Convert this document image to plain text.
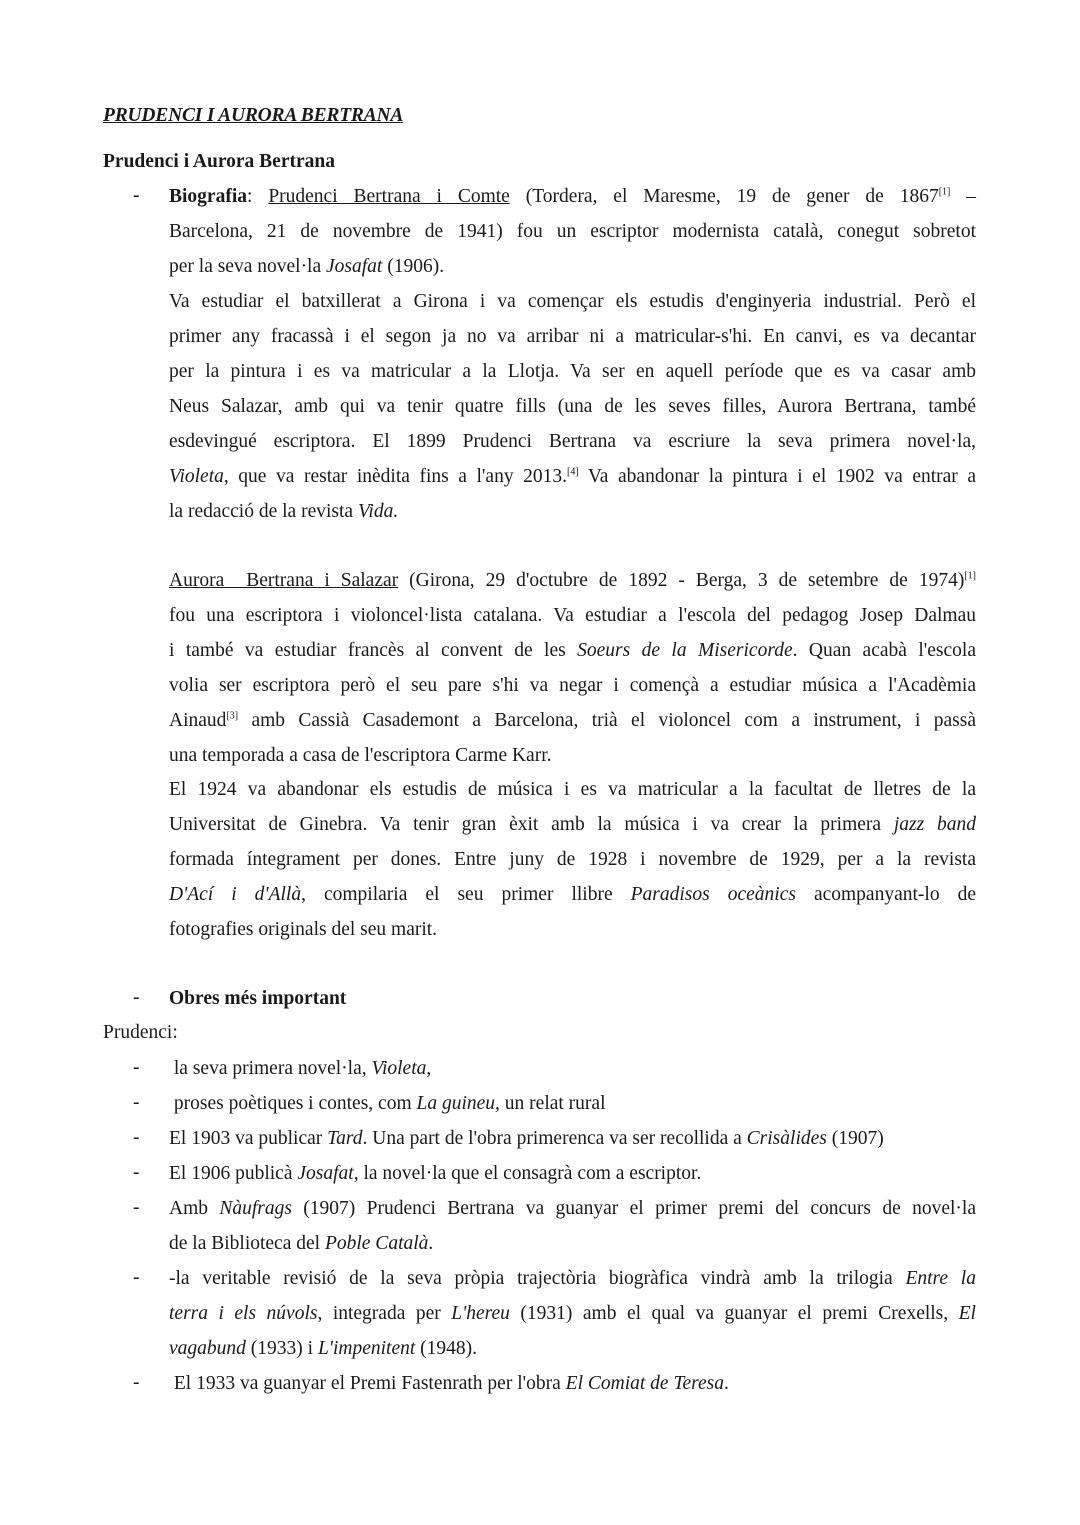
PRUDENCI I AURORA BERTRANA
Prudenci i Aurora Bertrana
- Biografia: Prudenci Bertrana i Comte (Tordera, el Maresme, 19 de gener de 1867[1] –
Barcelona, 21 de novembre de 1941) fou un escriptor modernista català, conegut sobretot
per la seva novel·la Josafat (1906).
Va estudiar el batxillerat a Girona i va començar els estudis d'enginyeria industrial. Però el
primer any fracassà i el segon ja no va arribar ni a matricular-s'hi. En canvi, es va decantar
per la pintura i es va matricular a la Llotja. Va ser en aquell període que es va casar amb
Neus Salazar, amb qui va tenir quatre fills (una de les seves filles, Aurora Bertrana, també
esdevingué escriptora. El 1899 Prudenci Bertrana va escriure la seva primera novel·la,
Violeta, que va restar inèdita fins a l'any 2013.[4] Va abandonar la pintura i el 1902 va entrar a
la redacció de la revista Vida.
Aurora  Bertrana i Salazar (Girona, 29 d'octubre de 1892 - Berga, 3 de setembre de 1974)[1]
fou una escriptora i violoncel·lista catalana. Va estudiar a l'escola del pedagog Josep Dalmau
i també va estudiar francès al convent de les Soeurs de la Misericorde. Quan acabà l'escola
volia ser escriptora però el seu pare s'hi va negar i començà a estudiar música a l'Acadèmia
Ainaud[3] amb Cassià Casademont a Barcelona, trià el violoncel com a instrument, i passà
una temporada a casa de l'escriptora Carme Karr.
El 1924 va abandonar els estudis de música i es va matricular a la facultat de lletres de la
Universitat de Ginebra. Va tenir gran èxit amb la música i va crear la primera jazz band
formada íntegrament per dones. Entre juny de 1928 i novembre de 1929, per a la revista
D'Ací i d'Allà, compilaria el seu primer llibre Paradisos oceànics acompanyant-lo de
fotografies originals del seu marit.
- Obres més important
Prudenci:
- la seva primera novel·la, Violeta,
- proses poètiques i contes, com La guineu, un relat rural
- El 1903 va publicar Tard. Una part de l'obra primerenca va ser recollida a Crisàlides (1907)
- El 1906 publicà Josafat, la novel·la que el consagrà com a escriptor.
- Amb Nàufrags (1907) Prudenci Bertrana va guanyar el primer premi del concurs de novel·la
de la Biblioteca del Poble Català.
- -la veritable revisió de la seva pròpia trajectòria biogràfica vindrà amb la trilogia Entre la
terra i els núvols, integrada per L'hereu (1931) amb el qual va guanyar el premi Crexells, El
vagabund (1933) i L'impenitent (1948).
- El 1933 va guanyar el Premi Fastenrath per l'obra El Comiat de Teresa.
